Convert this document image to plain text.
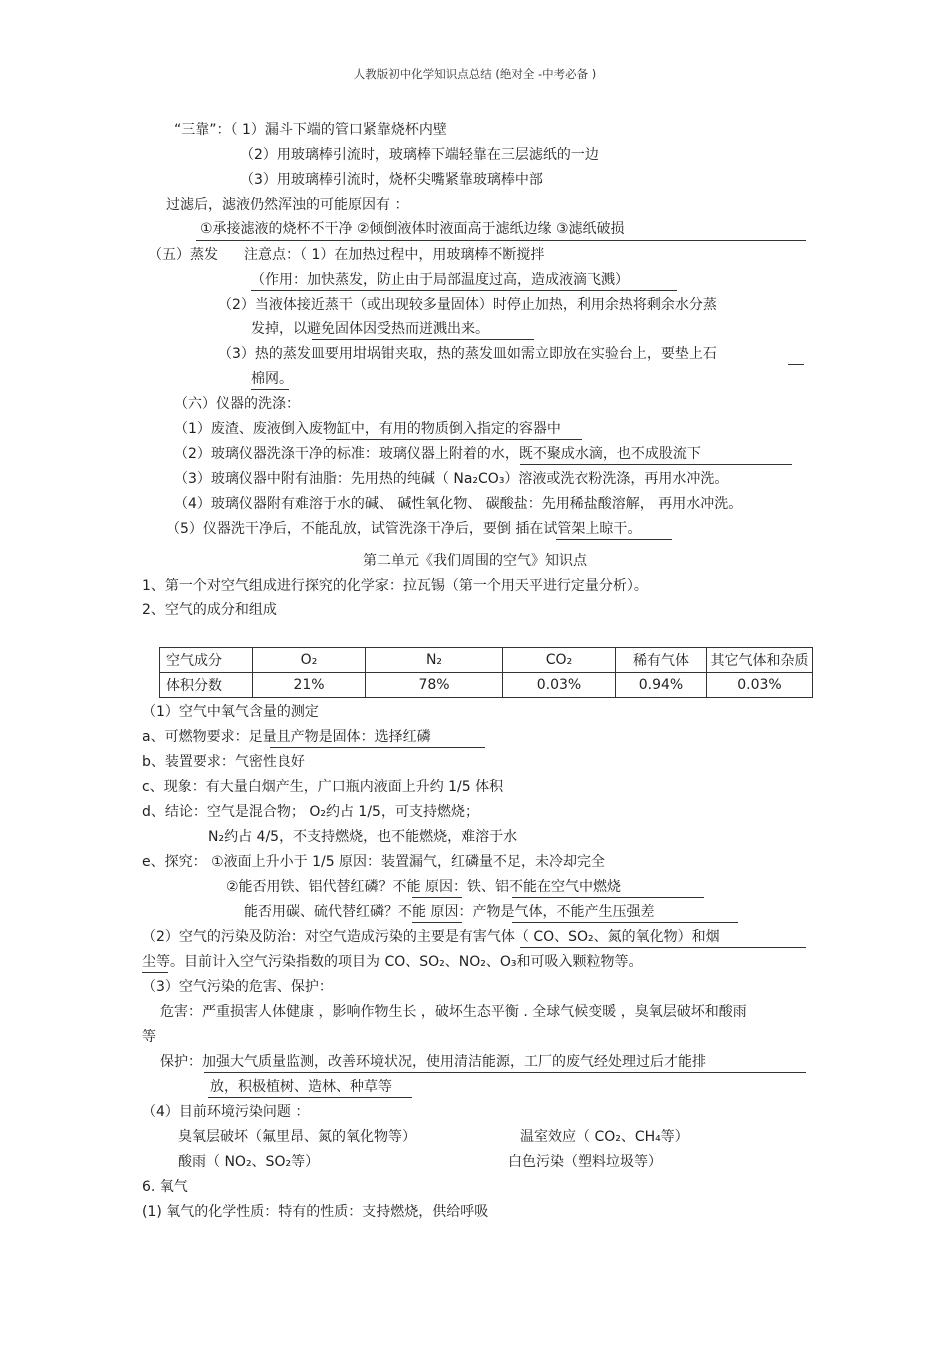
人教版初中化学知识点总结 (绝对全 -中考必备 )
“三靠”：（ 1）漏斗下端的管口紧靠烧杯内壁
（2）用玻璃棒引流时，玻璃棒下端轻靠在三层滤纸的一边
（3）用玻璃棒引流时，烧杯尖嘴紧靠玻璃棒中部
过滤后，滤液仍然浑浊的可能原因有 ：
①承接滤液的烧杯不干净 ②倾倒液体时液面高于滤纸边缘 ③滤纸破损
（五）蒸发 注意点：（ 1）在加热过程中，用玻璃棒不断搅拌
（作用：加快蒸发，防止由于局部温度过高，造成液滴飞溅）
（2）当液体接近蒸干（或出现较多量固体）时停止加热，利用余热将剩余水分蒸
发掉，以避免固体因受热而迸溅出来。
（3）热的蒸发皿要用坩埚钳夹取，热的蒸发皿如需立即放在实验台上，要垫上石
棉网。
（六）仪器的洗涤：
（1）废渣、废液倒入废物缸中，有用的物质倒入指定的容器中
（2）玻璃仪器洗涤干净的标准：玻璃仪器上附着的水，既不聚成水滴，也不成股流下
（3）玻璃仪器中附有油脂：先用热的纯碱（ Na₂CO₃）溶液或洗衣粉洗涤，再用水冲洗。
（4）玻璃仪器附有难溶于水的碱、 碱性氧化物、 碳酸盐：先用稀盐酸溶解， 再用水冲洗。
（5）仪器洗干净后，不能乱放，试管洗涤干净后，要倒 插在试管架上晾干。
第二单元《我们周围的空气》知识点
1、第一个对空气组成进行探究的化学家：拉瓦锡（第一个用天平进行定量分析）。
2、空气的成分和组成
空气成分	O₂	N₂	CO₂	稀有气体	其它气体和杂质
体积分数	21%	78%	0.03%	0.94%	0.03%
（1）空气中氧气含量的测定
a、可燃物要求：足量且产物是固体：选择红磷
b、装置要求：气密性良好
c、现象：有大量白烟产生，广口瓶内液面上升约 1/5 体积
d、结论：空气是混合物； O₂约占 1/5，可支持燃烧；
N₂约占 4/5，不支持燃烧，也不能燃烧，难溶于水
e、探究： ①液面上升小于 1/5 原因：装置漏气，红磷量不足，未冷却完全
②能否用铁、铝代替红磷？不能 原因：铁、铝不能在空气中燃烧
能否用碳、硫代替红磷？不能 原因：产物是气体，不能产生压强差
（2）空气的污染及防治：对空气造成污染的主要是有害气体（ CO、SO₂、氮的氧化物）和烟
尘等。目前计入空气污染指数的项目为 CO、SO₂、NO₂、O₃和可吸入颗粒物等。
（3）空气污染的危害、保护：
危害：严重损害人体健康 ，影响作物生长 ，破坏生态平衡 . 全球气候变暖 ，臭氧层破坏和酸雨
等
保护：加强大气质量监测，改善环境状况，使用清洁能源，工厂的废气经处理过后才能排
放，积极植树、造林、种草等
（4）目前环境污染问题 ：
臭氧层破坏（氟里昂、氮的氧化物等）	温室效应（ CO₂、CH₄等）
酸雨（ NO₂、SO₂等）	白色污染（塑料垃圾等）
6. 氧气
(1) 氧气的化学性质：特有的性质：支持燃烧，供给呼吸
